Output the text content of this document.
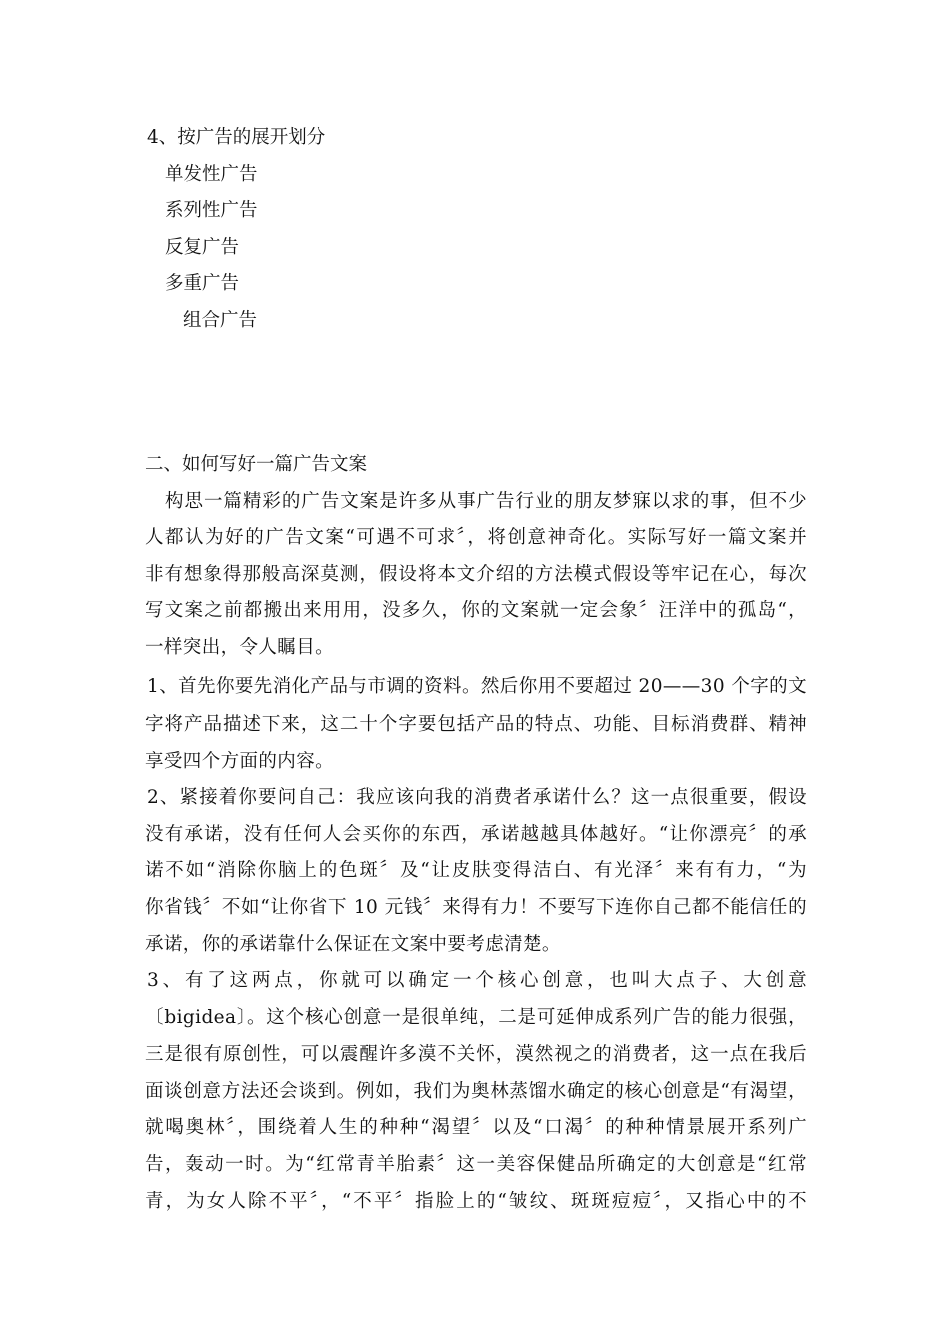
4、按广告的展开划分
单发性广告
系列性广告
反复广告
多重广告
组合广告
二、如何写好一篇广告文案
构思一篇精彩的广告文案是许多从事广告行业的朋友梦寐以求的事，但不少
人都认为好的广告文案“可遇不可求〞，将创意神奇化。实际写好一篇文案并
非有想象得那般高深莫测，假设将本文介绍的方法模式假设等牢记在心，每次
写文案之前都搬出来用用，没多久，你的文案就一定会象〞汪洋中的孤岛“，
一样突出，令人瞩目。
1、首先你要先消化产品与市调的资料。然后你用不要超过 20——30 个字的文
字将产品描述下来，这二十个字要包括产品的特点、功能、目标消费群、精神
享受四个方面的内容。
2、紧接着你要问自己：我应该向我的消费者承诺什么？这一点很重要，假设
没有承诺，没有任何人会买你的东西，承诺越越具体越好。“让你漂亮〞的承
诺不如“消除你脑上的色斑〞及“让皮肤变得洁白、有光泽〞来有有力，“为
你省钱〞不如“让你省下 10 元钱〞来得有力！不要写下连你自己都不能信任的
承诺，你的承诺靠什么保证在文案中要考虑清楚。
3、有了这两点，你就可以确定一个核心创意，也叫大点子、大创意
〔bigidea〕。这个核心创意一是很单纯，二是可延伸成系列广告的能力很强，
三是很有原创性，可以震醒许多漠不关怀，漠然视之的消费者，这一点在我后
面谈创意方法还会谈到。例如，我们为奥林蒸馏水确定的核心创意是“有渴望，
就喝奥林〞，围绕着人生的种种“渴望〞以及“口渴〞的种种情景展开系列广
告，轰动一时。为“红常青羊胎素〞这一美容保健品所确定的大创意是“红常
青，为女人除不平〞，“不平〞指脸上的“皱纹、斑斑痘痘〞，又指心中的不
